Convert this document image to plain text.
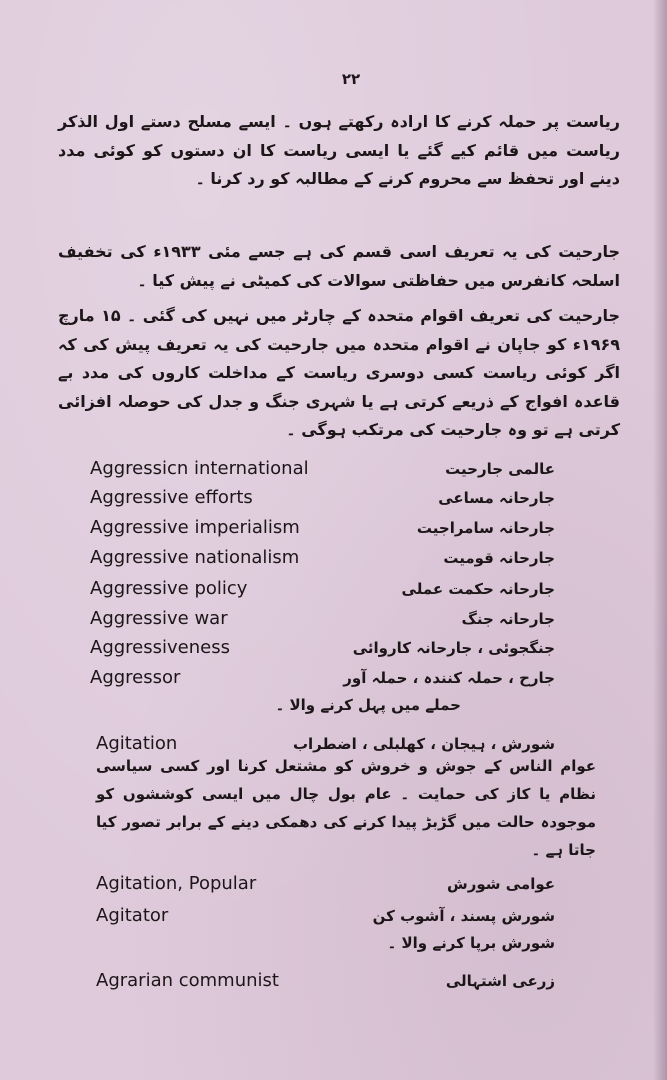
۲۲
ریاست پر حملہ کرنے کا ارادہ رکھتے ہوں ۔ ایسے مسلح دستے اول الذکر ریاست میں قائم کیے گئے یا ایسی ریاست کا ان دستوں کو کوئی مدد دینے اور تحفظ سے محروم کرنے کے مطالبہ کو رد کرنا ۔
جارحیت کی یہ تعریف اسی قسم کی ہے جسے مئی ۱۹۳۳ء کی تخفیف اسلحہ کانفرس میں حفاظتی سوالات کی کمیٹی نے پیش کیا ۔
جارحیت کی تعریف اقوام متحدہ کے چارٹر میں نہیں کی گئی ۔ ۱۵ مارچ ۱۹۶۹ء کو جاپان نے اقوام متحدہ میں جارحیت کی یہ تعریف پیش کی کہ اگر کوئی ریاست کسی دوسری ریاست کے مداخلت کاروں کی مدد بے قاعدہ افواج کے ذریعے کرتی ہے یا شہری جنگ و جدل کی حوصلہ افزائی کرتی ہے تو وہ جارحیت کی مرتکب ہوگی ۔
Aggressicn international	عالمی جارحیت
Aggressive efforts	جارحانہ مساعی
Aggressive imperialism	جارحانہ سامراجیت
Aggressive nationalism	جارحانہ قومیت
Aggressive policy	جارحانہ حکمت عملی
Aggressive war	جارحانہ جنگ
Aggressiveness	جنگجوئی ، جارحانہ کاروائی
Aggressor	جارح ، حملہ کنندہ ، حملہ آور
حملے میں پہل کرنے والا ۔
Agitation	شورش ، ہیجان ، کھلبلی ، اضطراب
عوام الناس کے جوش و خروش کو مشتعل کرنا اور کسی سیاسی نظام یا کاز کی حمایت ۔ عام بول چال میں ایسی کوششوں کو موجودہ حالت میں گڑبڑ پیدا کرنے کی دھمکی دینے کے برابر تصور کیا جاتا ہے ۔
Agitation, Popular	عوامی شورش
Agitator	شورش پسند ، آشوب کن
شورش برپا کرنے والا ۔
Agrarian communist	زرعی اشتہالی
